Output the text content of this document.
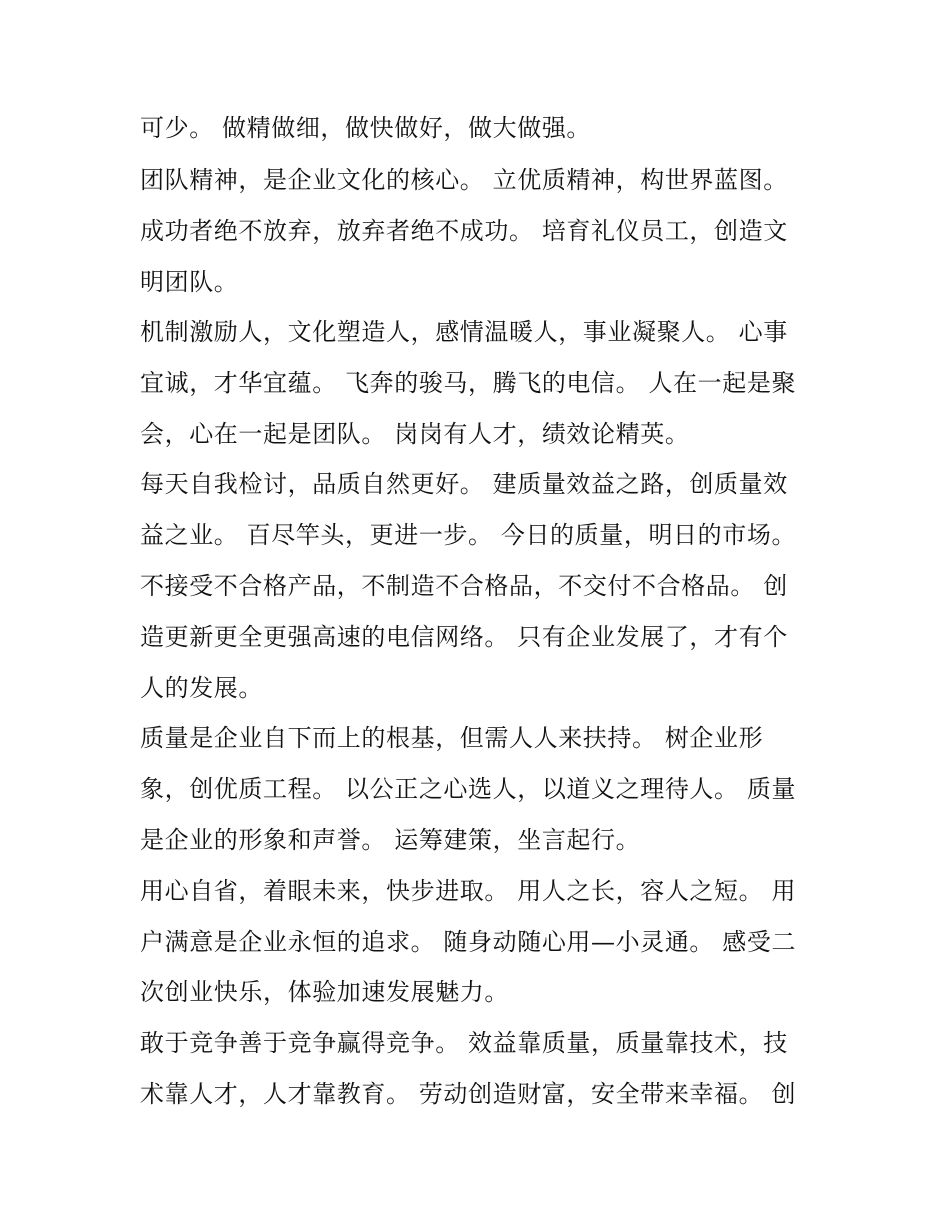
可少。 做精做细，做快做好，做大做强。
团队精神，是企业文化的核心。 立优质精神，构世界蓝图。
成功者绝不放弃，放弃者绝不成功。 培育礼仪员工，创造文
明团队。
机制激励人，文化塑造人，感情温暖人，事业凝聚人。 心事
宜诚，才华宜蕴。 飞奔的骏马，腾飞的电信。 人在一起是聚
会，心在一起是团队。 岗岗有人才，绩效论精英。
每天自我检讨，品质自然更好。 建质量效益之路，创质量效
益之业。 百尽竿头，更进一步。 今日的质量，明日的市场。
不接受不合格产品，不制造不合格品，不交付不合格品。 创
造更新更全更强高速的电信网络。 只有企业发展了，才有个
人的发展。
质量是企业自下而上的根基，但需人人来扶持。 树企业形
象，创优质工程。 以公正之心选人，以道义之理待人。 质量
是企业的形象和声誉。 运筹建策，坐言起行。
用心自省，着眼未来，快步进取。 用人之长，容人之短。 用
户满意是企业永恒的追求。 随身动随心用—小灵通。 感受二
次创业快乐，体验加速发展魅力。
敢于竞争善于竞争赢得竞争。 效益靠质量，质量靠技术，技
术靠人才，人才靠教育。 劳动创造财富，安全带来幸福。 创
